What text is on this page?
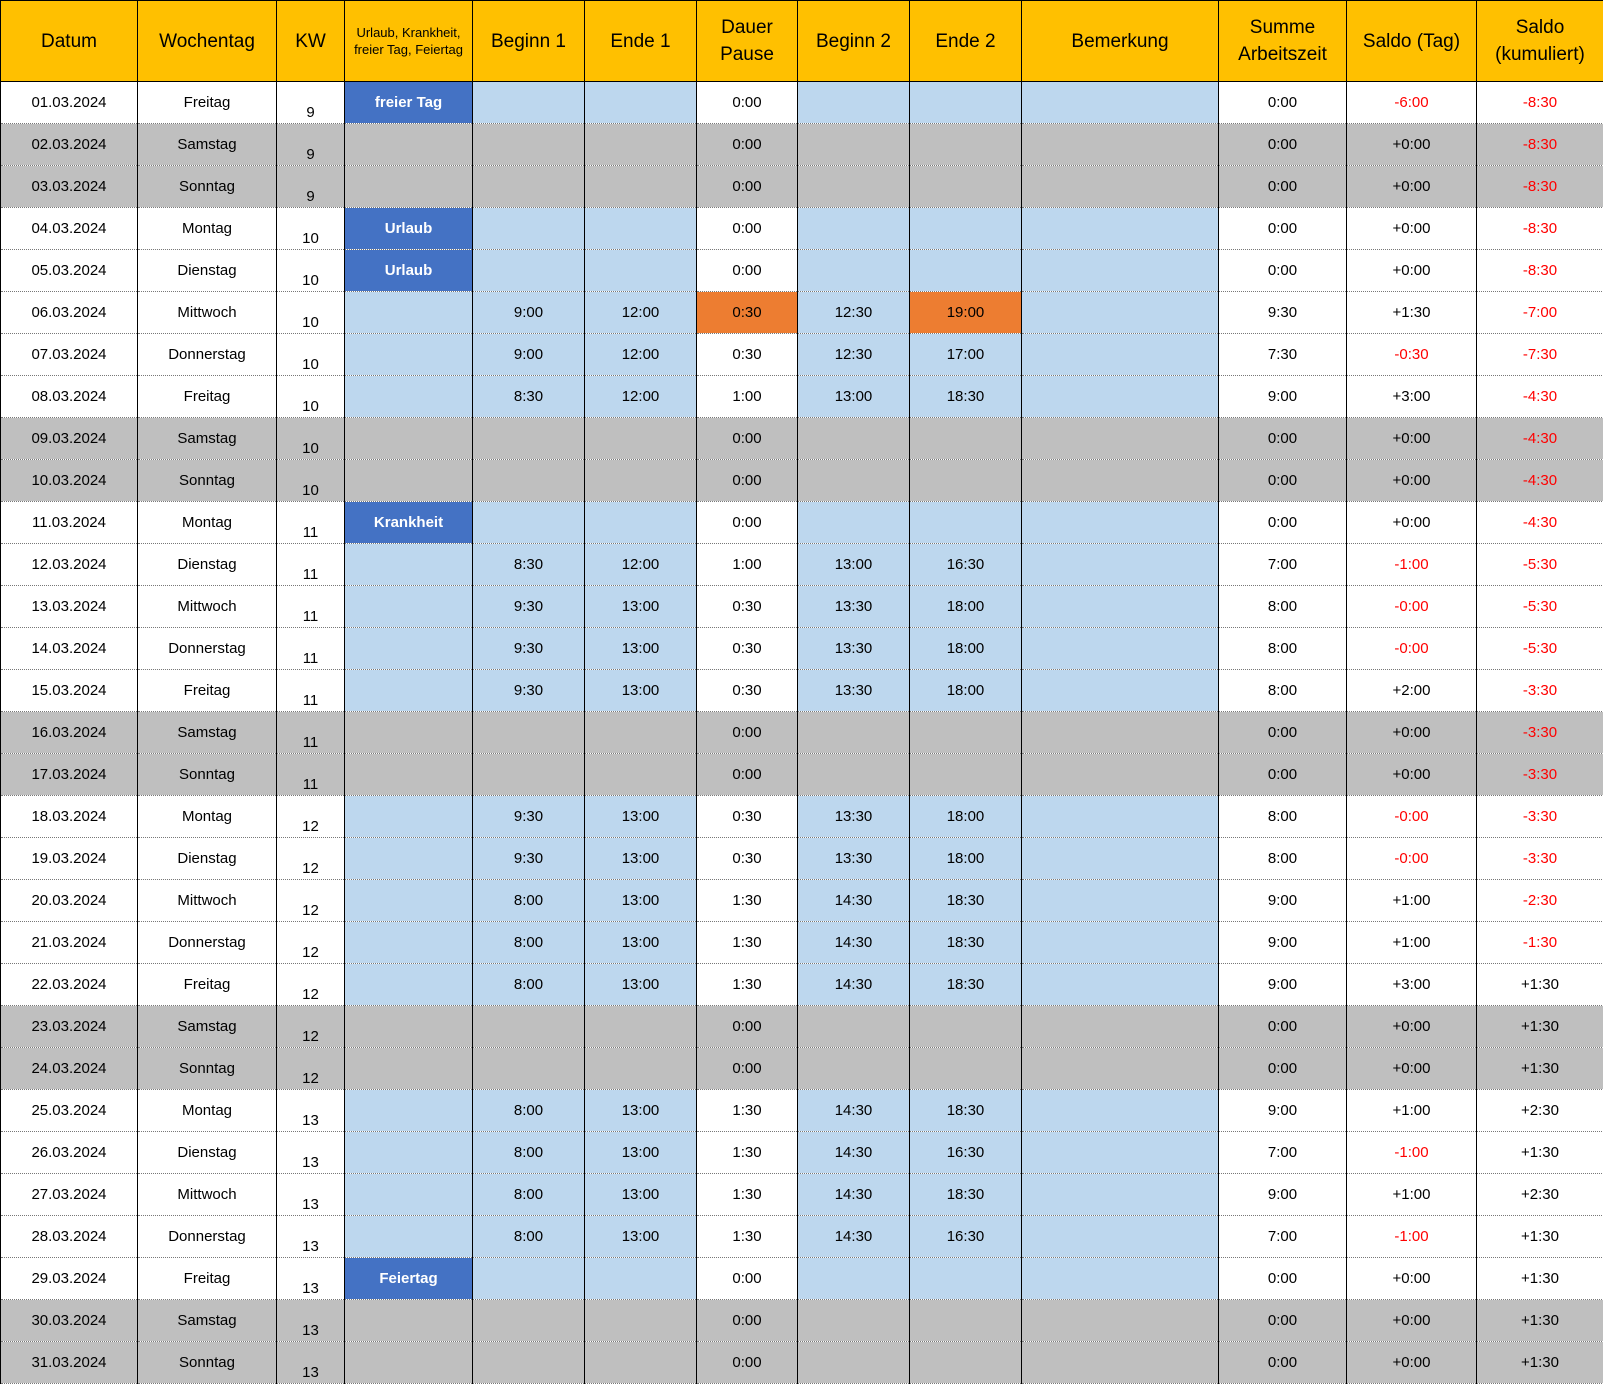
Datum	Wochentag	KW	Urlaub, Krankheit, freier Tag, Feiertag	Beginn 1	Ende 1	Dauer Pause	Beginn 2	Ende 2	Bemerkung	Summe Arbeitszeit	Saldo (Tag)	Saldo (kumuliert)
01.03.2024	Freitag	9	freier Tag			0:00				0:00	-6:00	-8:30
02.03.2024	Samstag	9				0:00				0:00	+0:00	-8:30
03.03.2024	Sonntag	9				0:00				0:00	+0:00	-8:30
04.03.2024	Montag	10	Urlaub			0:00				0:00	+0:00	-8:30
05.03.2024	Dienstag	10	Urlaub			0:00				0:00	+0:00	-8:30
06.03.2024	Mittwoch	10		9:00	12:00	0:30	12:30	19:00		9:30	+1:30	-7:00
07.03.2024	Donnerstag	10		9:00	12:00	0:30	12:30	17:00		7:30	-0:30	-7:30
08.03.2024	Freitag	10		8:30	12:00	1:00	13:00	18:30		9:00	+3:00	-4:30
09.03.2024	Samstag	10				0:00				0:00	+0:00	-4:30
10.03.2024	Sonntag	10				0:00				0:00	+0:00	-4:30
11.03.2024	Montag	11	Krankheit			0:00				0:00	+0:00	-4:30
12.03.2024	Dienstag	11		8:30	12:00	1:00	13:00	16:30		7:00	-1:00	-5:30
13.03.2024	Mittwoch	11		9:30	13:00	0:30	13:30	18:00		8:00	-0:00	-5:30
14.03.2024	Donnerstag	11		9:30	13:00	0:30	13:30	18:00		8:00	-0:00	-5:30
15.03.2024	Freitag	11		9:30	13:00	0:30	13:30	18:00		8:00	+2:00	-3:30
16.03.2024	Samstag	11				0:00				0:00	+0:00	-3:30
17.03.2024	Sonntag	11				0:00				0:00	+0:00	-3:30
18.03.2024	Montag	12		9:30	13:00	0:30	13:30	18:00		8:00	-0:00	-3:30
19.03.2024	Dienstag	12		9:30	13:00	0:30	13:30	18:00		8:00	-0:00	-3:30
20.03.2024	Mittwoch	12		8:00	13:00	1:30	14:30	18:30		9:00	+1:00	-2:30
21.03.2024	Donnerstag	12		8:00	13:00	1:30	14:30	18:30		9:00	+1:00	-1:30
22.03.2024	Freitag	12		8:00	13:00	1:30	14:30	18:30		9:00	+3:00	+1:30
23.03.2024	Samstag	12				0:00				0:00	+0:00	+1:30
24.03.2024	Sonntag	12				0:00				0:00	+0:00	+1:30
25.03.2024	Montag	13		8:00	13:00	1:30	14:30	18:30		9:00	+1:00	+2:30
26.03.2024	Dienstag	13		8:00	13:00	1:30	14:30	16:30		7:00	-1:00	+1:30
27.03.2024	Mittwoch	13		8:00	13:00	1:30	14:30	18:30		9:00	+1:00	+2:30
28.03.2024	Donnerstag	13		8:00	13:00	1:30	14:30	16:30		7:00	-1:00	+1:30
29.03.2024	Freitag	13	Feiertag			0:00				0:00	+0:00	+1:30
30.03.2024	Samstag	13				0:00				0:00	+0:00	+1:30
31.03.2024	Sonntag	13				0:00				0:00	+0:00	+1:30
